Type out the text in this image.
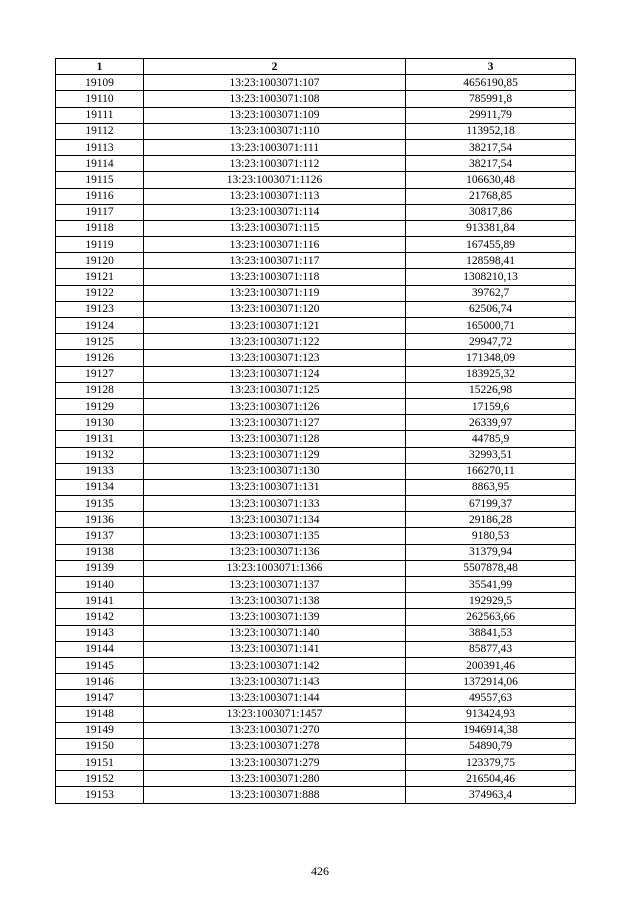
1	2	3
19109	13:23:1003071:107	4656190,85
19110	13:23:1003071:108	785991,8
19111	13:23:1003071:109	29911,79
19112	13:23:1003071:110	113952,18
19113	13:23:1003071:111	38217,54
19114	13:23:1003071:112	38217,54
19115	13:23:1003071:1126	106630,48
19116	13:23:1003071:113	21768,85
19117	13:23:1003071:114	30817,86
19118	13:23:1003071:115	913381,84
19119	13:23:1003071:116	167455,89
19120	13:23:1003071:117	128598,41
19121	13:23:1003071:118	1308210,13
19122	13:23:1003071:119	39762,7
19123	13:23:1003071:120	62506,74
19124	13:23:1003071:121	165000,71
19125	13:23:1003071:122	29947,72
19126	13:23:1003071:123	171348,09
19127	13:23:1003071:124	183925,32
19128	13:23:1003071:125	15226,98
19129	13:23:1003071:126	17159,6
19130	13:23:1003071:127	26339,97
19131	13:23:1003071:128	44785,9
19132	13:23:1003071:129	32993,51
19133	13:23:1003071:130	166270,11
19134	13:23:1003071:131	8863,95
19135	13:23:1003071:133	67199,37
19136	13:23:1003071:134	29186,28
19137	13:23:1003071:135	9180,53
19138	13:23:1003071:136	31379,94
19139	13:23:1003071:1366	5507878,48
19140	13:23:1003071:137	35541,99
19141	13:23:1003071:138	192929,5
19142	13:23:1003071:139	262563,66
19143	13:23:1003071:140	38841,53
19144	13:23:1003071:141	85877,43
19145	13:23:1003071:142	200391,46
19146	13:23:1003071:143	1372914,06
19147	13:23:1003071:144	49557,63
19148	13:23:1003071:1457	913424,93
19149	13:23:1003071:270	1946914,38
19150	13:23:1003071:278	54890,79
19151	13:23:1003071:279	123379,75
19152	13:23:1003071:280	216504,46
19153	13:23:1003071:888	374963,4
426
